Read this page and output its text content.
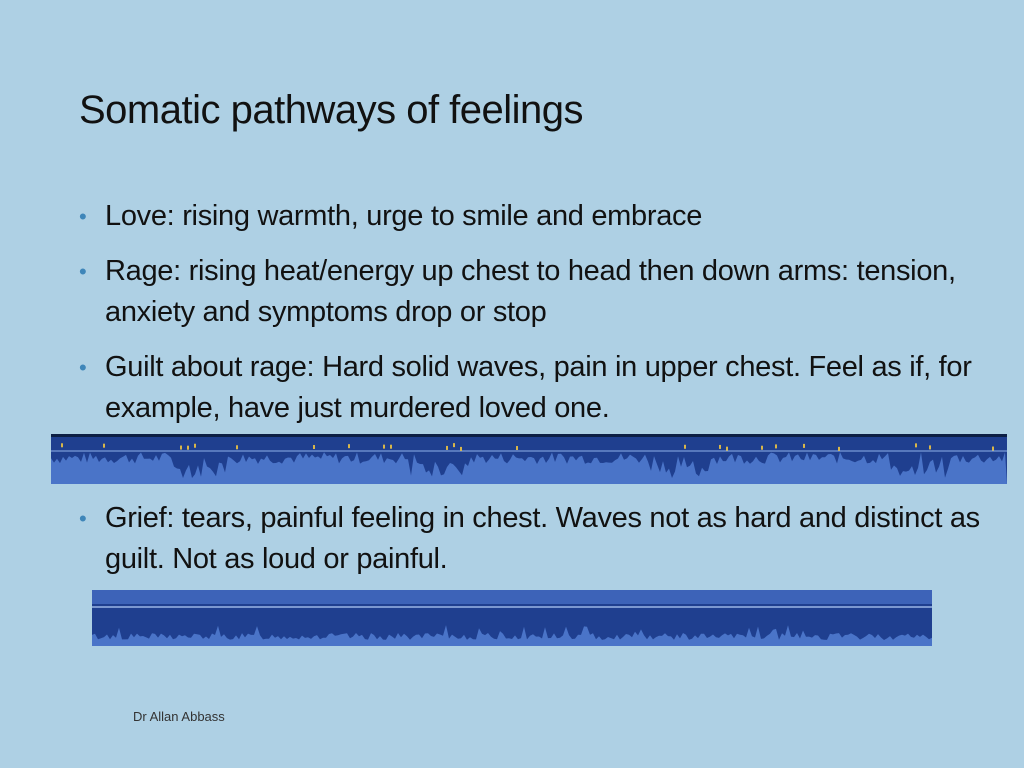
Somatic pathways of feelings
• Love: rising warmth, urge to smile and embrace
• Rage: rising heat/energy up chest to head then down arms: tension, anxiety and symptoms drop or stop
• Guilt about rage: Hard solid waves, pain in upper chest. Feel as if, for example, have just murdered loved one.
• Grief: tears, painful feeling in chest. Waves not as hard and distinct as guilt. Not as loud or painful.
Dr Allan Abbass
